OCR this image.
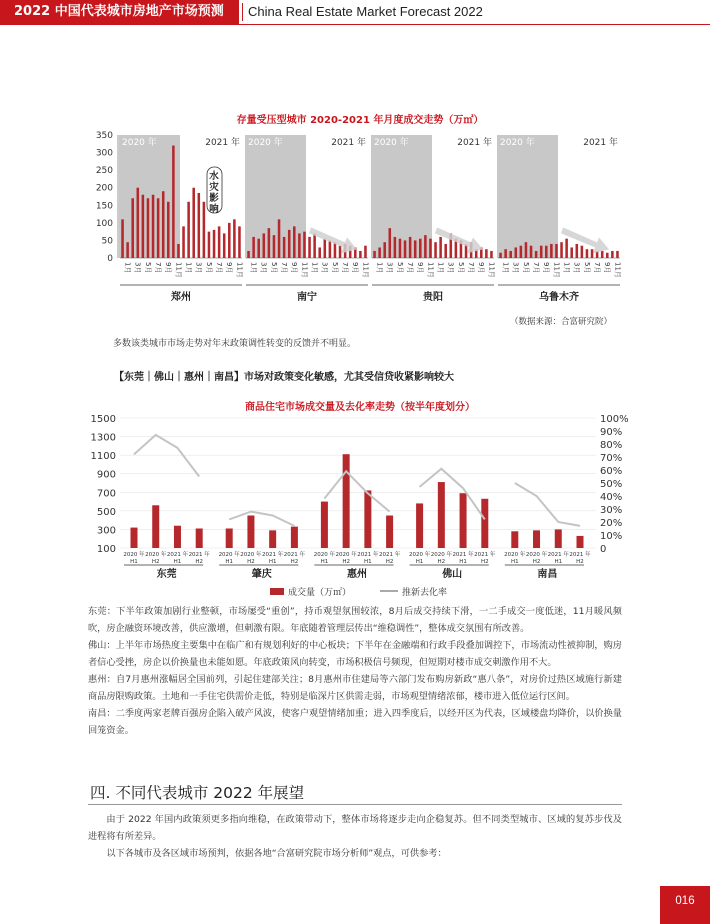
2022 中国代表城市房地产市场预测	China Real Estate Market Forecast 2022
存量受压型城市 2020-2021 年月度成交走势（万㎡）
0
50
100
150
200
250
300
350
2020 年	2021 年
1月 3月 5月 7月 9月 11月 1月 3月 5月 7月 9月 11月
郑州
2020 年	2021 年
1月 3月 5月 7月 9月 11月 1月 3月 5月 7月 9月 11月
南宁
2020 年	2021 年
1月 3月 5月 7月 9月 11月 1月 3月 5月 7月 9月 11月
贵阳
2020 年	2021 年
1月 3月 5月 7月 9月 11月 1月 3月 5月 7月 9月 11月
乌鲁木齐
水
灾
影
响
（数据来源：合富研究院）
多数该类城市市场走势对年末政策调性转变的反馈并不明显。
【东莞｜佛山｜惠州｜南昌】市场对政策变化敏感，尤其受信贷收紧影响较大
商品住宅市场成交量及去化率走势（按半年度划分）
100
300
500
700
900
1100
1300
1500
0
10%
20%
30%
40%
50%
60%
70%
80%
90%
100%
2020 年
H1
2020 年
H2
2021 年
H1
2021 年
H2
东莞
2020 年
H1
2020 年
H2
2021 年
H1
2021 年
H2
肇庆
2020 年
H1
2020 年
H2
2021 年
H1
2021 年
H2
惠州
2020 年
H1
2020 年
H2
2021 年
H1
2021 年
H2
佛山
2020 年
H1
2020 年
H2
2021 年
H1
2021 年
H2
南昌
成交量（万㎡）	推新去化率

东莞：下半年政策加剧行业整顿，市场屡受“重创”，持币观望氛围较浓，8月后成交持续下滑，一二手成交一度低迷，11月暖风频吹，房企融资环境改善，供应激增，但刺激有限。年底随着管理层传出“维稳调性”，整体成交氛围有所改善。

佛山：上半年市场热度主要集中在临广和有规划利好的中心板块；下半年在金融端和行政手段叠加调控下，市场流动性被抑制，购房者信心受挫，房企以价换量也未能如愿。年底政策风向转变，市场积极信号频现，但短期对楼市成交刺激作用不大。

惠州：自7月惠州涨幅居全国前列，引起住建部关注；8月惠州市住建局等六部门发布购房新政“惠八条”，对房价过热区域施行新建商品房限购政策。土地和一手住宅供需价走低，特别是临深片区供需走弱，市场观望情绪浓郁，楼市进入低位运行区间。

南昌：二季度两家老牌百强房企陷入破产风波，使客户观望情绪加重；进入四季度后，以经开区为代表，区域楼盘均降价，以价换量回笼资金。

四. 不同代表城市 2022 年展望

由于 2022 年国内政策须更多指向维稳，在政策带动下，整体市场将逐步走向企稳复苏。但不同类型城市、区域的复苏步伐及进程将有所差异。

以下各城市及各区域市场预判，依据各地“合富研究院市场分析师”观点，可供参考：

016
